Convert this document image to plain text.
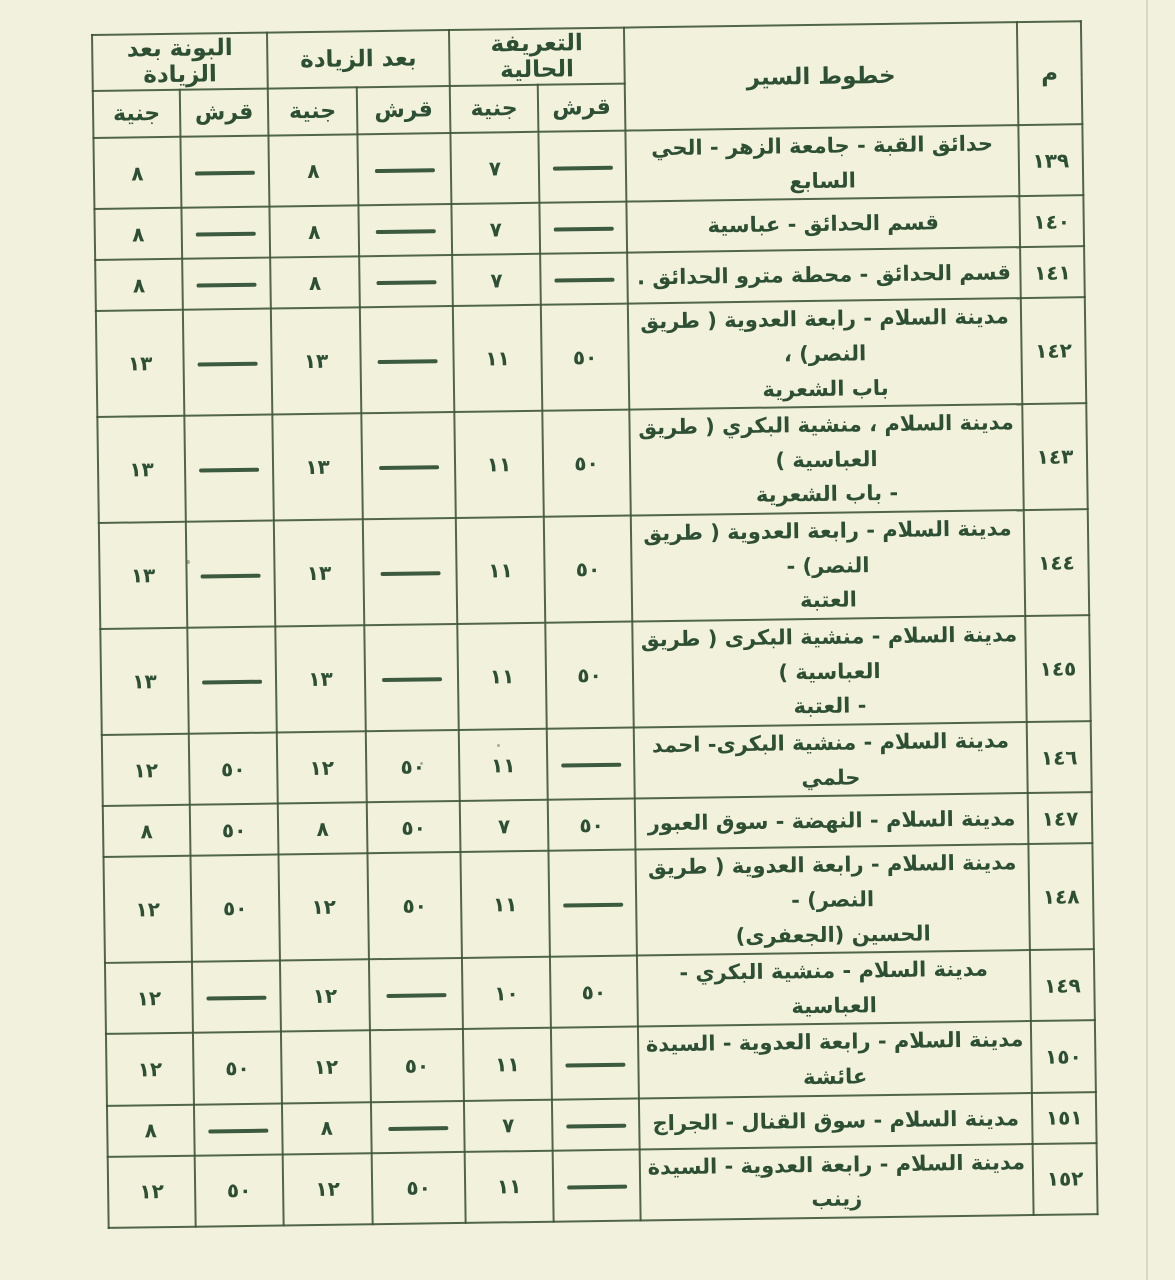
م	خطوط السير	التعريفة الحالية		بعد الزيادة		البونة بعد الزيادة	
		قرش	جنية	قرش	جنية	قرش	جنية
١٣٩	حدائق القبة - جامعة الزهر - الحي السابع		٧		٨		٨
١٤٠	قسم الحدائق - عباسية		٧		٨		٨
١٤١	قسم الحدائق - محطة مترو الحدائق .		٧		٨		٨
١٤٢	مدينة السلام - رابعة العدوية ( طريق النصر) ،
باب الشعرية	٥٠	١١		١٣		١٣
١٤٣	مدينة السلام ، منشية البكري ( طريق العباسية )
- باب الشعرية	٥٠	١١		١٣		١٣
١٤٤	مدينة السلام - رابعة العدوية ( طريق النصر) -
العتبة	٥٠	١١		١٣		١٣
١٤٥	مدينة السلام - منشية البكرى ( طريق العباسية )
- العتبة	٥٠	١١		١٣		١٣
١٤٦	مدينة السلام - منشية البكرى- احمد حلمي		١١	٥٠	١٢	٥٠	١٢
١٤٧	مدينة السلام - النهضة - سوق العبور	٥٠	٧	٥٠	٨	٥٠	٨
١٤٨	مدينة السلام - رابعة العدوية ( طريق النصر) -
الحسين (الجعفرى)		١١	٥٠	١٢	٥٠	١٢
١٤٩	مدينة السلام - منشية البكري - العباسية	٥٠	١٠		١٢		١٢
١٥٠	مدينة السلام - رابعة العدوية - السيدة عائشة		١١	٥٠	١٢	٥٠	١٢
١٥١	مدينة السلام - سوق القنال - الجراج		٧		٨		٨
١٥٢	مدينة السلام - رابعة العدوية - السيدة زينب		١١	٥٠	١٢	٥٠	١٢
